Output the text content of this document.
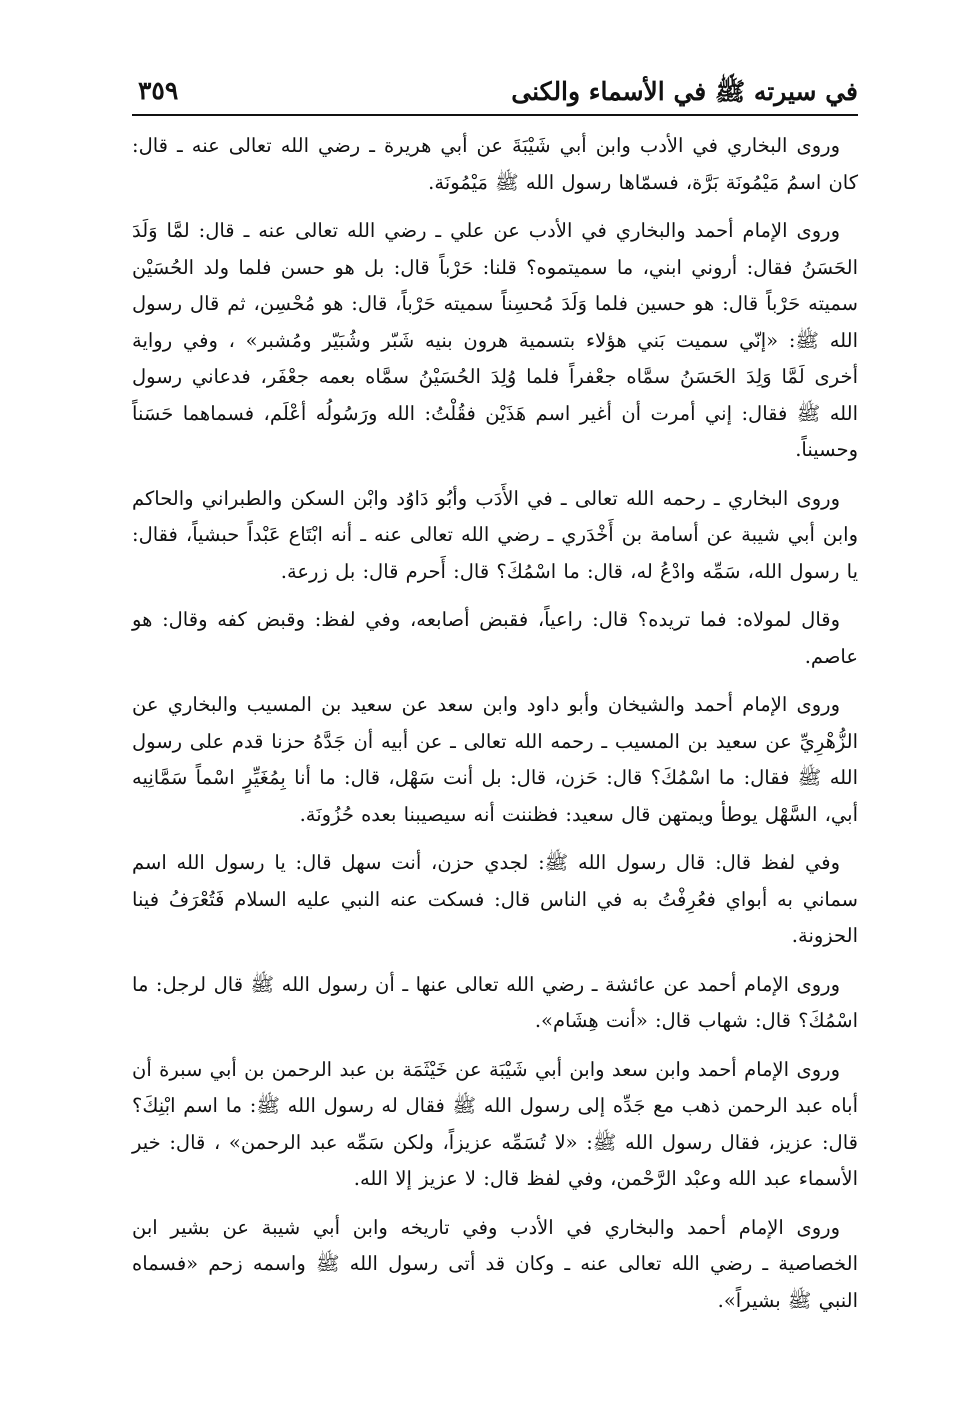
في سيرته ﷺ في الأسماء والكنى
٣٥٩

وروى البخاري في الأدب وابن أبي شَيْبَةَ عن أبي هريرة ـ رضي الله تعالى عنه ـ قال: كان اسمُ مَيْمُونَة بَرَّة، فسمّاها رسول الله ﷺ مَيْمُونَة.

وروى الإمام أحمد والبخاري في الأدب عن علي ـ رضي الله تعالى عنه ـ قال: لمَّا وَلَدَ الحَسَنُ فقال: أروني ابني، ما سميتموه؟ قلنا: حَرْباً قال: بل هو حسن فلما ولد الحُسَيْن سميته حَرْباً قال: هو حسين فلما وَلَدَ مُحسِناً سميته حَرْباً، قال: هو مُحْسِن، ثم قال رسول الله ﷺ: «إنّي سميت بَني هؤلاء بتسمية هرون بنيه شَبّر وشُبَيّر ومُشبر» ، وفي رواية أخرى لَمَّا وَلِدَ الحَسَنُ سمَّاه جعْفراً فلما وُلِدَ الحُسَيْنُ سمَّاه بعمه جعْفَر، فدعاني رسول الله ﷺ فقال: إني أمرت أن أغير اسم هَذَيْن فقُلْتُ: الله ورَسُولُه أعْلَم، فسماهما حَسَناً وحسيناً.

وروى البخاري ـ رحمه الله تعالى ـ في الأَدَب وأبُو دَاوُد وابْن السكن والطبراني والحاكم وابن أبي شيبة عن أسامة بن أَخْدَري ـ رضي الله تعالى عنه ـ أنه ابْتَاع عَبْداً حبشياً، فقال: يا رسول الله، سَمِّه وادْعُ له، قال: ما اسْمُكَ؟ قال: أَحرم قال: بل زرعة.

وقال لمولاه: فما تريده؟ قال: راعياً، فقبض أصابعه، وفي لفظ: وقبض كفه وقال: هو عاصم.

وروى الإمام أحمد والشيخان وأبو داود وابن سعد عن سعيد بن المسيب والبخاري عن الزُّهْرِيِّ عن سعيد بن المسيب ـ رحمه الله تعالى ـ عن أبيه أن جَدَّهُ حزنا قدم على رسول الله ﷺ فقال: ما اسْمُكَ؟ قال: حَزن، قال: بل أنت سَهْل، قال: ما أنا بِمُغَيِّرٍ اسْماً سَمَّانِيه أبي، السَّهْل يوطأ ويمتهن قال سعيد: فظننت أنه سيصيبنا بعده حُزُونَة.

وفي لفظ قال: قال رسول الله ﷺ: لجدي حزن، أنت سهل قال: يا رسول الله اسم سماني به أبواي فعُرِفْتُ به في الناس قال: فسكت عنه النبي عليه السلام فَتُعْرَفُ فينا الحزونة.

وروى الإمام أحمد عن عائشة ـ رضي الله تعالى عنها ـ أن رسول الله ﷺ قال لرجل: ما اسْمُكَ؟ قال: شهاب قال: «أنت هِشَام».

وروى الإمام أحمد وابن سعد وابن أبي شَيْبَة عن خَيْثَمَة بن عبد الرحمن بن أبي سبرة أن أباه عبد الرحمن ذهب مع جَدِّه إلى رسول الله ﷺ فقال له رسول الله ﷺ: ما اسم ابْنِكَ؟ قال: عزيز، فقال رسول الله ﷺ: «لا تُسَمِّه عزيزاً، ولكن سَمِّه عبد الرحمن» ، قال: خير الأسماء عبد الله وعبْد الرَّحْمن، وفي لفظ قال: لا عزيز إلا الله.

وروى الإمام أحمد والبخاري في الأدب وفي تاريخه وابن أبي شيبة عن بشير ابن الخصاصية ـ رضي الله تعالى عنه ـ وكان قد أتى رسول الله ﷺ واسمه زحم «فسماه النبي ﷺ بشيراً».
